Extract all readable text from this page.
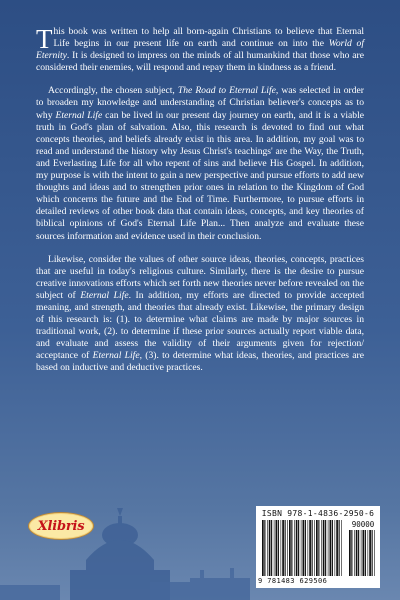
This book was written to help all born-again Christians to believe that Eternal Life begins in our present life on earth and continue on into the World of Eternity. It is designed to impress on the minds of all humankind that those who are considered their enemies, will respond and repay them in kindness as a friend.

Accordingly, the chosen subject, The Road to Eternal Life, was selected in order to broaden my knowledge and understanding of Christian believer's concepts as to why Eternal Life can be lived in our present day journey on earth, and it is a viable truth in God's plan of salvation. Also, this research is devoted to find out what concepts theories, and beliefs already exist in this area. In addition, my goal was to read and understand the history why Jesus Christ's teachings' are the Way, the Truth, and Everlasting Life for all who repent of sins and believe His Gospel. In addition, my purpose is with the intent to gain a new perspective and pursue efforts to add new thoughts and ideas and to strengthen prior ones in relation to the Kingdom of God which concerns the future and the End of Time. Furthermore, to pursue efforts in detailed reviews of other book data that contain ideas, concepts, and key theories of biblical opinions of God's Eternal Life Plan... Then analyze and evaluate these sources information and evidence used in their conclusion.

Likewise, consider the values of other source ideas, theories, concepts, practices that are useful in today's religious culture. Similarly, there is the desire to pursue creative innovations efforts which set forth new theories never before revealed on the subject of Eternal Life. In addition, my efforts are directed to provide accepted meaning, and strength, and theories that already exist. Likewise, the primary design of this research is: (1). to determine what claims are made by major sources in traditional work, (2). to determine if these prior sources actually report viable data, and evaluate and assess the validity of their arguments given for rejection/ acceptance of Eternal Life, (3). to determine what ideas, theories, and practices are based on inductive and deductive practices.

Xlibris
ISBN 978-1-4836-2950-6
90000
9 781483 629506
